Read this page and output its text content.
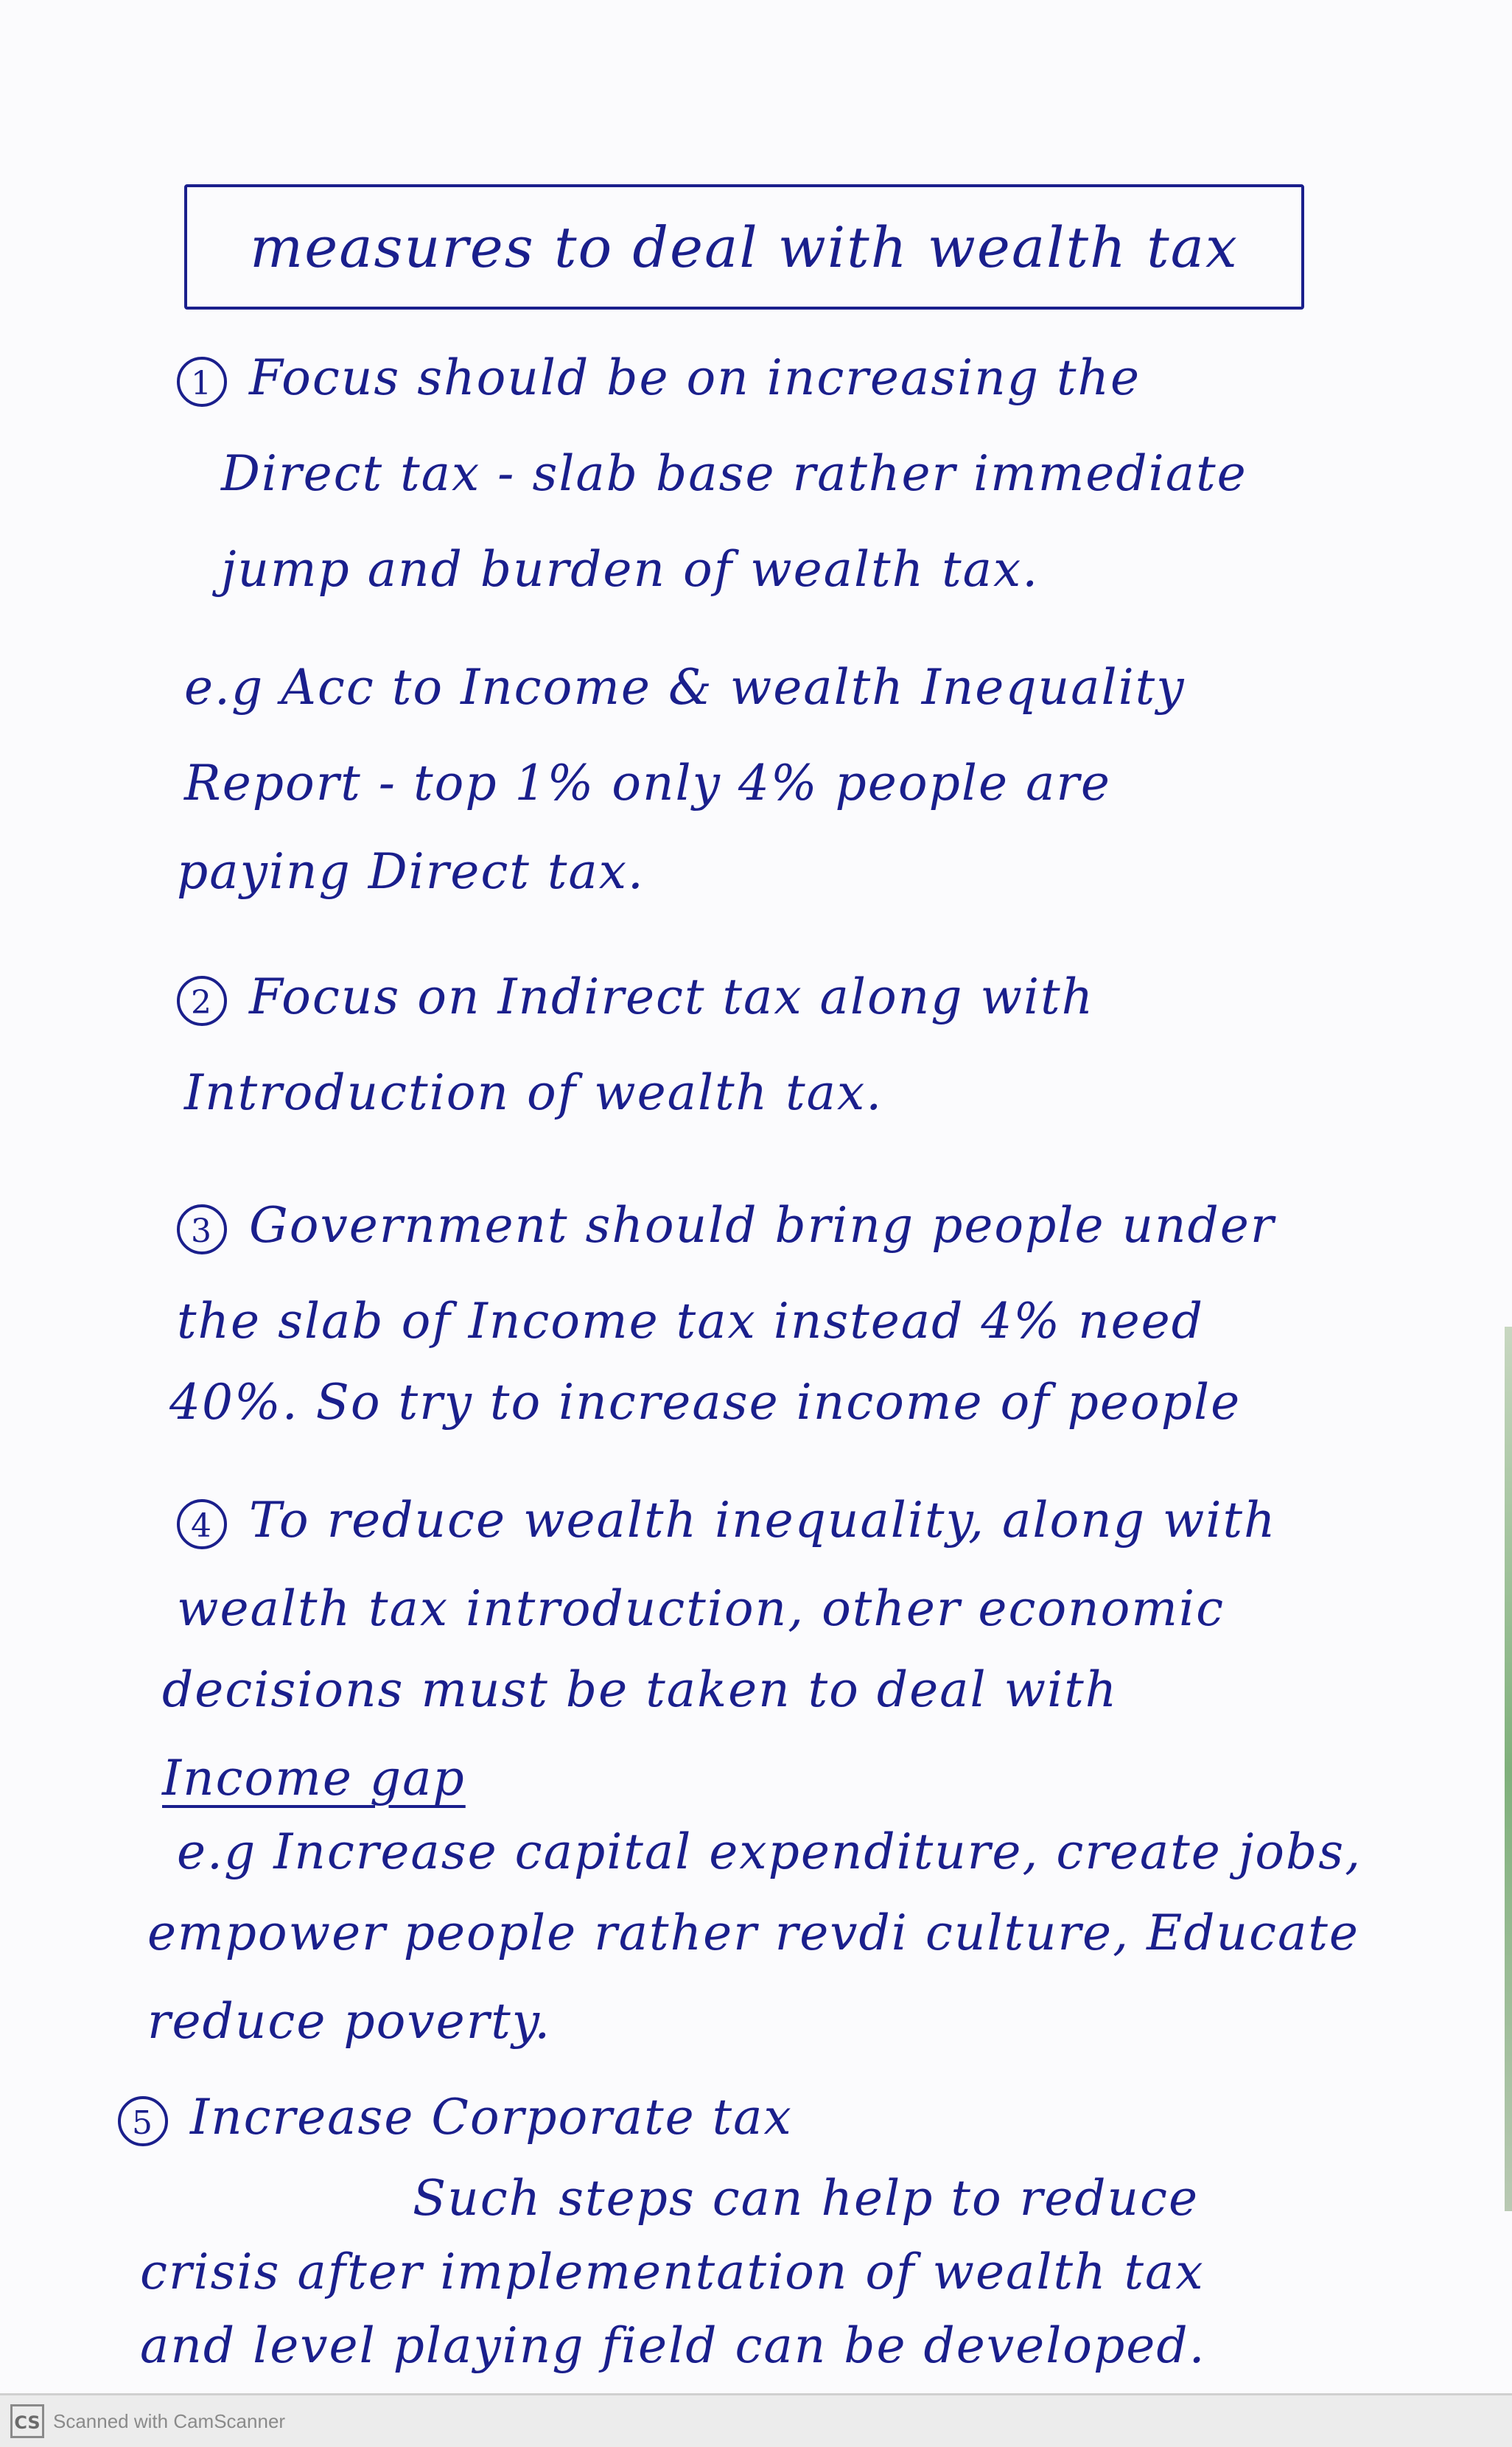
measures to deal with wealth tax
1 Focus should be on increasing the
Direct tax - slab base rather immediate
jump and burden of wealth tax.
e.g Acc to Income & wealth Inequality
Report - top 1% only 4% people are
paying Direct tax.
2 Focus on Indirect tax along with
Introduction of wealth tax.
3 Government should bring people under
the slab of Income tax instead 4% need
40%. So try to increase income of people
4 To reduce wealth inequality, along with
wealth tax introduction, other economic
decisions must be taken to deal with
Income gap
e.g Increase capital expenditure, create jobs,
empower people rather revdi culture, Educate
reduce poverty.
5 Increase Corporate tax
Such steps can help to reduce
crisis after implementation of wealth tax
and level playing field can be developed.
CS Scanned with CamScanner
